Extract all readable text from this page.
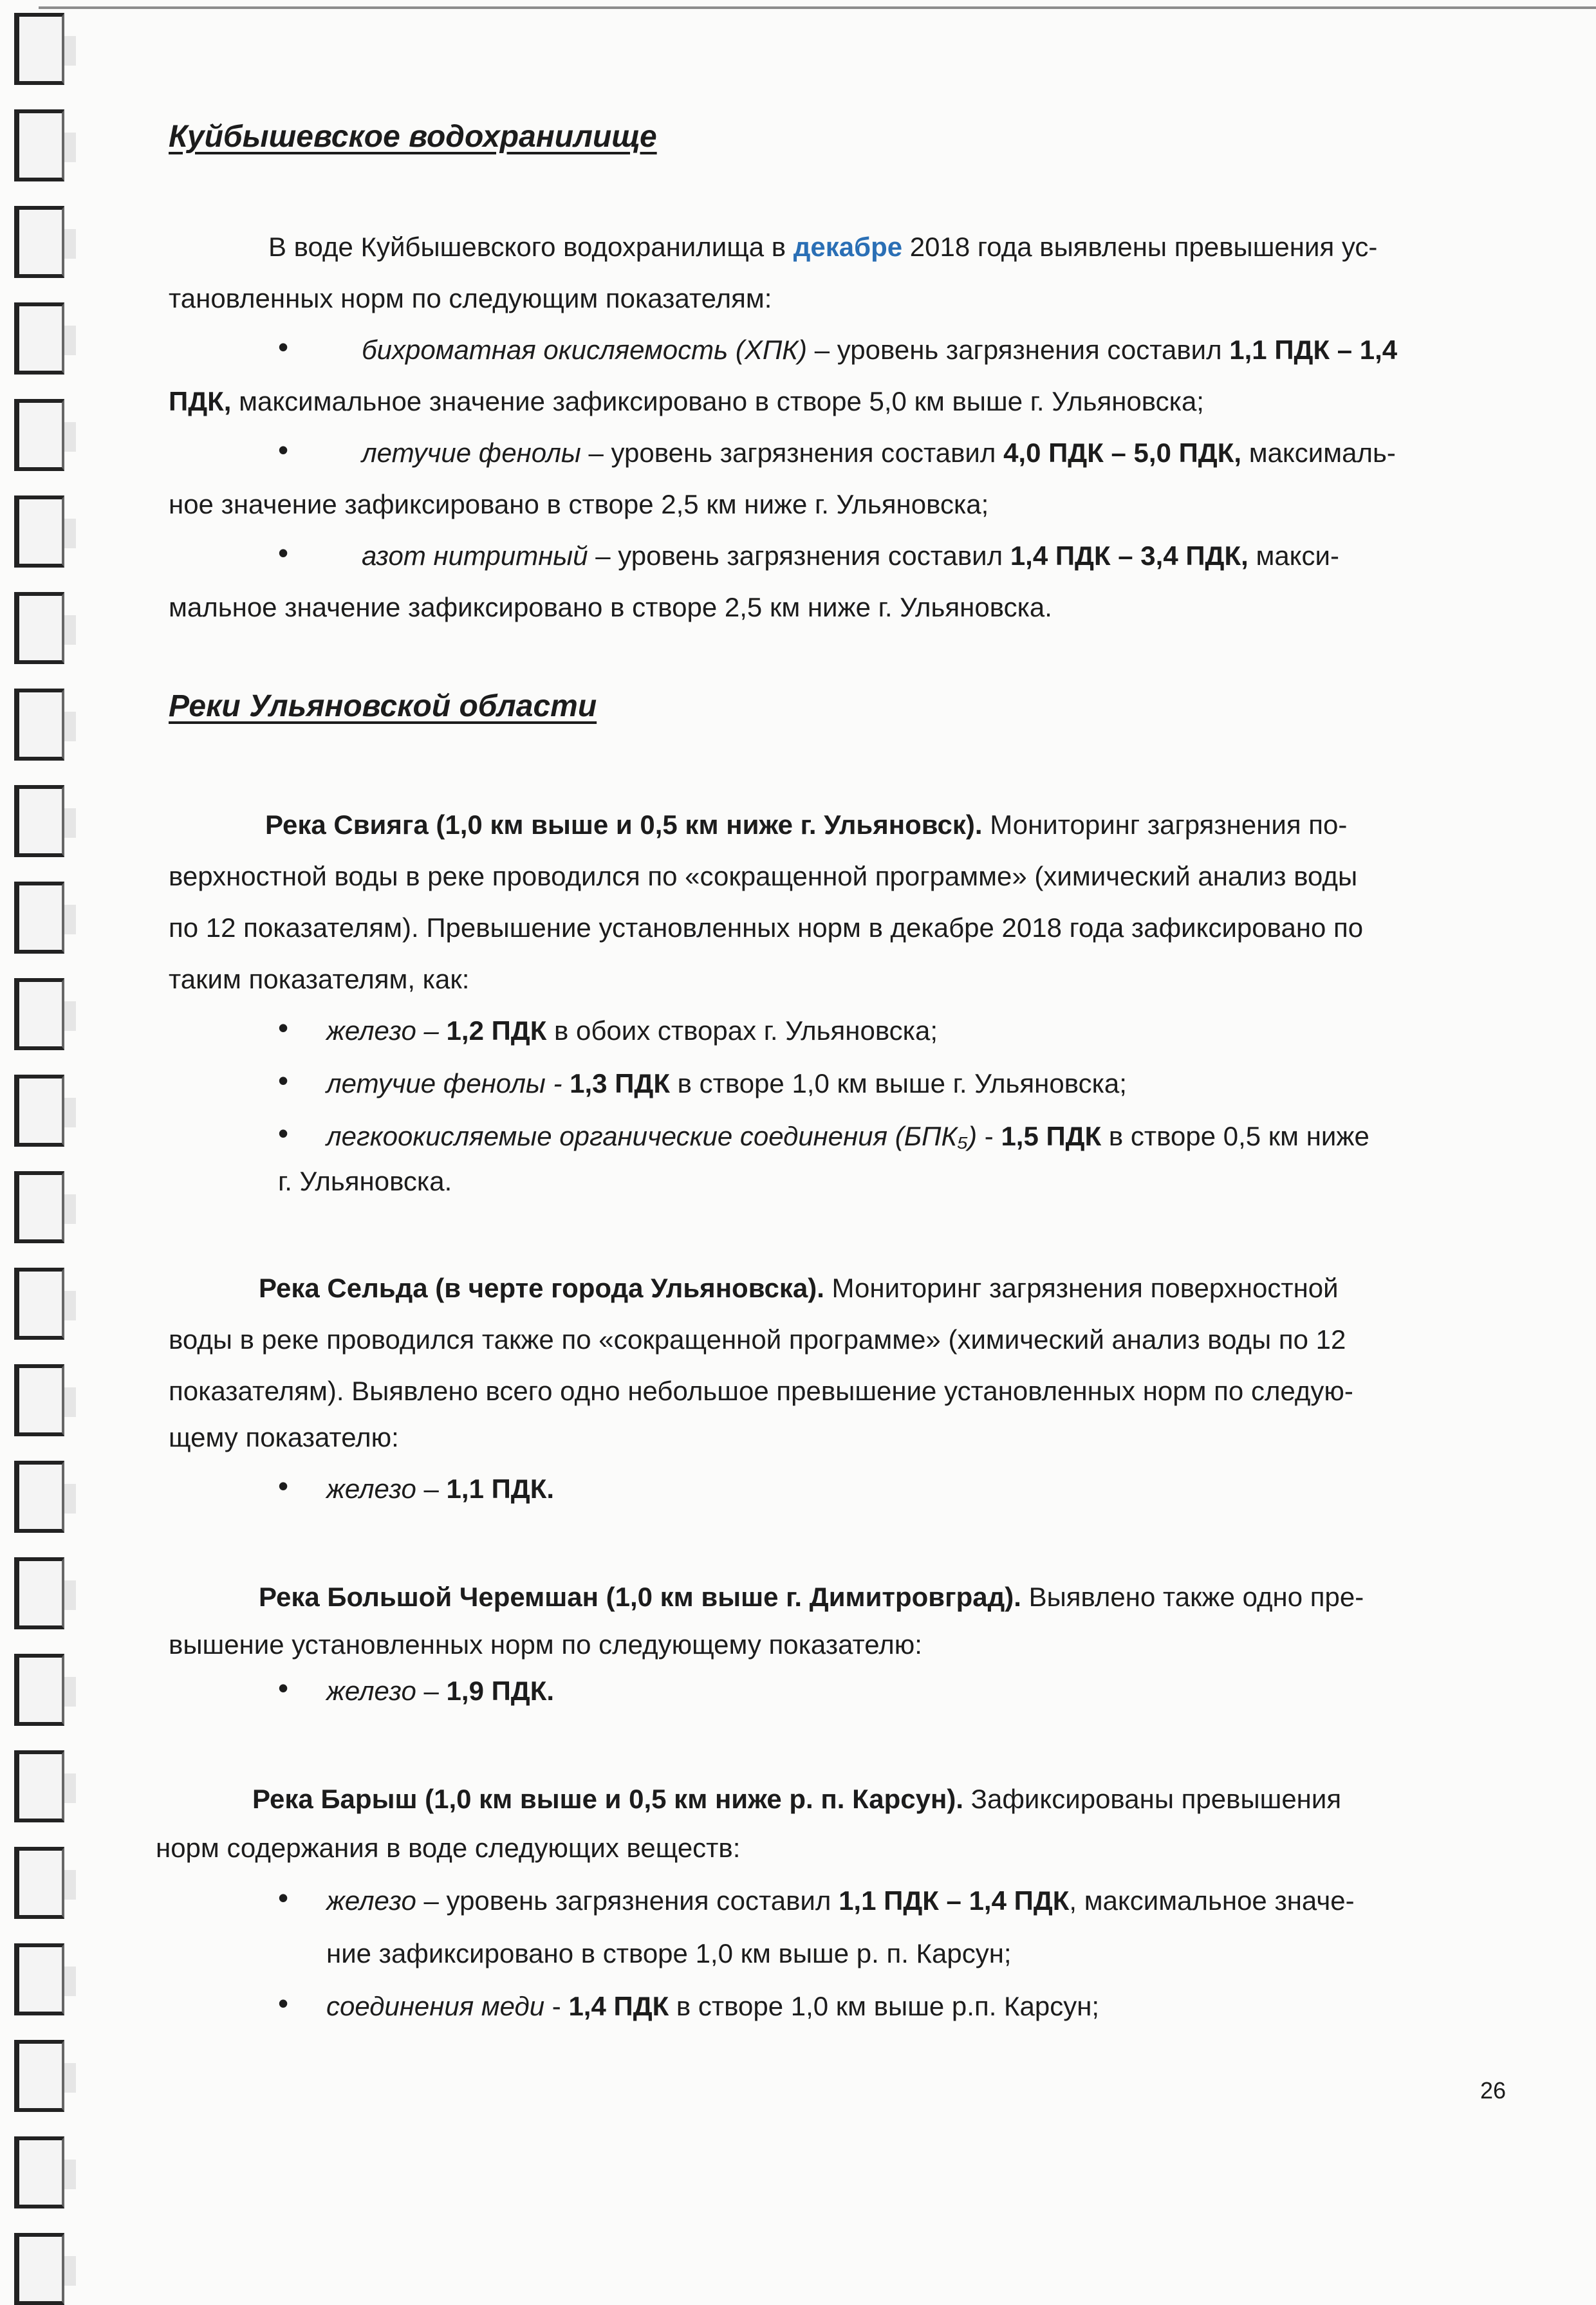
Куйбышевское водохранилище
В воде Куйбышевского водохранилища в декабре 2018 года выявлены превышения ус-
тановленных норм по следующим показателям:
•	бихроматная окисляемость (ХПК) – уровень загрязнения составил 1,1 ПДК – 1,4
ПДК, максимальное значение зафиксировано в створе 5,0 км выше г. Ульяновска;
•	летучие фенолы – уровень загрязнения составил 4,0 ПДК – 5,0 ПДК, максималь-
ное значение зафиксировано в створе 2,5 км ниже г. Ульяновска;
•	азот нитритный – уровень загрязнения составил 1,4 ПДК – 3,4 ПДК, макси-
мальное значение зафиксировано в створе 2,5 км ниже г. Ульяновска.
Реки Ульяновской области
Река Свияга (1,0 км выше и 0,5 км ниже г. Ульяновск). Мониторинг загрязнения по-
верхностной воды в реке проводился по «сокращенной программе» (химический анализ воды
по 12 показателям). Превышение установленных норм в декабре 2018 года зафиксировано по
таким показателям, как:
• железо – 1,2 ПДК в обоих створах г. Ульяновска;
• летучие фенолы - 1,3 ПДК в створе 1,0 км выше г. Ульяновска;
• легкоокисляемые органические соединения (БПК₅) - 1,5 ПДК в створе 0,5 км ниже
г. Ульяновска.
Река Сельда (в черте города Ульяновска). Мониторинг загрязнения поверхностной
воды в реке проводился также по «сокращенной программе» (химический анализ воды по 12
показателям). Выявлено всего одно небольшое превышение установленных норм по следую-
щему показателю:
• железо – 1,1 ПДК.
Река Большой Черемшан (1,0 км выше г. Димитровград). Выявлено также одно пре-
вышение установленных норм по следующему показателю:
• железо – 1,9 ПДК.
Река Барыш (1,0 км выше и 0,5 км ниже р. п. Карсун). Зафиксированы превышения
норм содержания в воде следующих веществ:
• железо – уровень загрязнения составил 1,1 ПДК – 1,4 ПДК, максимальное значе-
ние зафиксировано в створе 1,0 км выше р. п. Карсун;
• соединения меди - 1,4 ПДК в створе 1,0 км выше р.п. Карсун;
26
